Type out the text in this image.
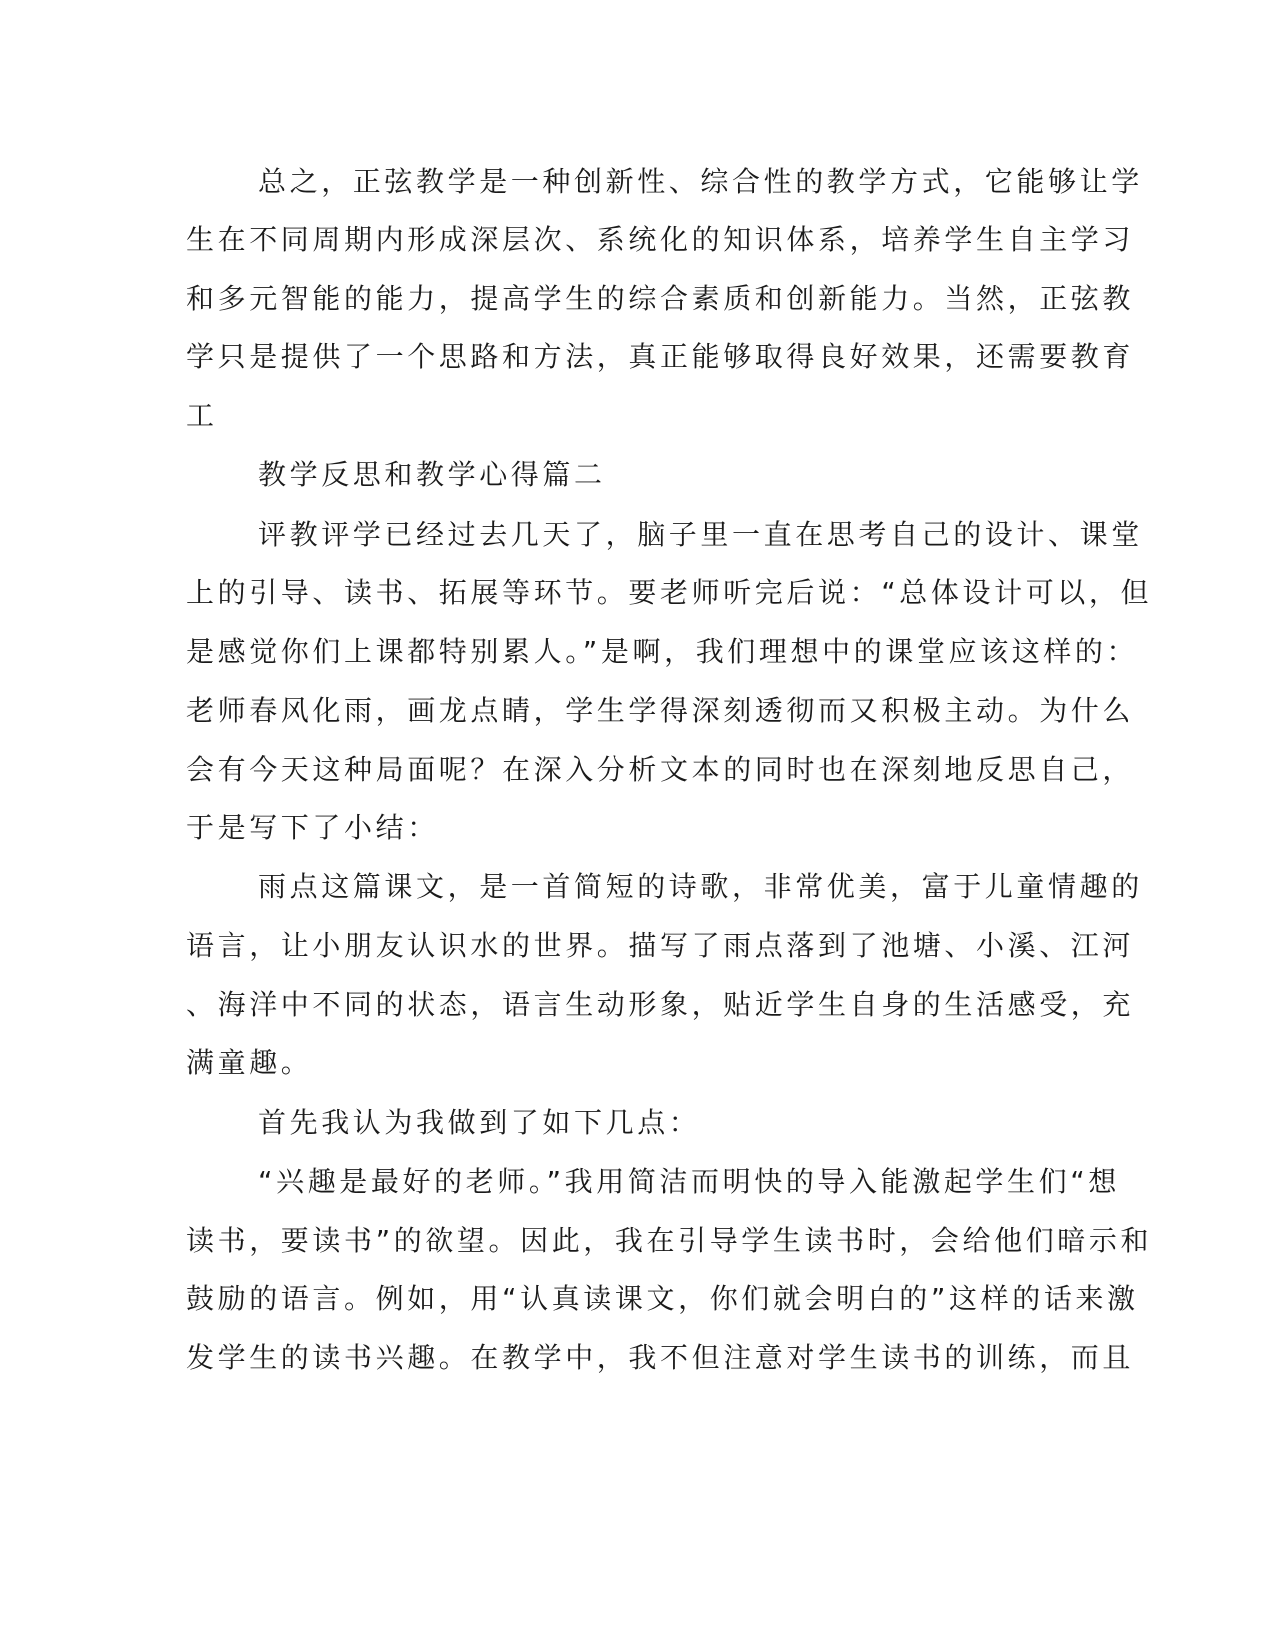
总之，正弦教学是一种创新性、综合性的教学方式，它能够让学
生在不同周期内形成深层次、系统化的知识体系，培养学生自主学习
和多元智能的能力，提高学生的综合素质和创新能力。当然，正弦教
学只是提供了一个思路和方法，真正能够取得良好效果，还需要教育
工
教学反思和教学心得篇二
评教评学已经过去几天了，脑子里一直在思考自己的设计、课堂
上的引导、读书、拓展等环节。要老师听完后说：“总体设计可以，但
是感觉你们上课都特别累人。”是啊，我们理想中的课堂应该这样的：
老师春风化雨，画龙点睛，学生学得深刻透彻而又积极主动。为什么
会有今天这种局面呢？在深入分析文本的同时也在深刻地反思自己，
于是写下了小结：
雨点这篇课文，是一首简短的诗歌，非常优美，富于儿童情趣的
语言，让小朋友认识水的世界。描写了雨点落到了池塘、小溪、江河
、海洋中不同的状态，语言生动形象，贴近学生自身的生活感受，充
满童趣。
首先我认为我做到了如下几点：
“兴趣是最好的老师。”我用简洁而明快的导入能激起学生们“想
读书，要读书”的欲望。因此，我在引导学生读书时，会给他们暗示和
鼓励的语言。例如，用“认真读课文，你们就会明白的”这样的话来激
发学生的读书兴趣。在教学中，我不但注意对学生读书的训练，而且
